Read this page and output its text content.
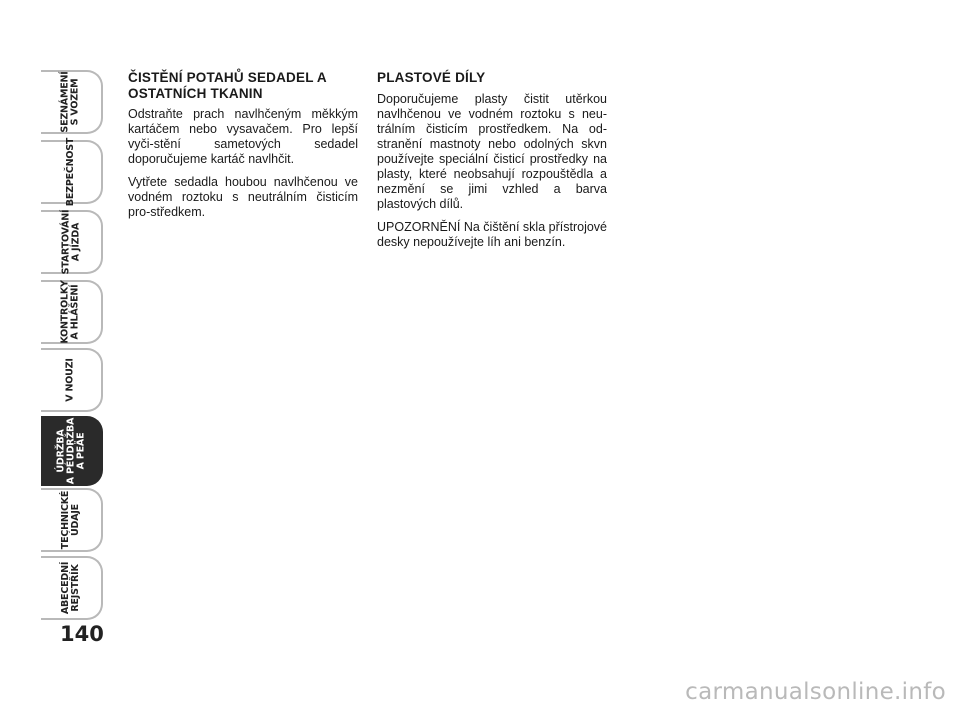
SEZNÁMENÍ
S VOZEM
BEZPEČNOST
STARTOVÁNÍ
A JÍZDA
KONTROLKY
A HLÁŠENÍ
V NOUZI
ÚDRŽBA
A PÉUDRŽBA
A PEÄE
TECHNICKÉ
ÚDAJE
ABECEDNÍ
REJSTŘÍK
140

ČISTĚNÍ POTAHŮ SEDADEL A OSTATNÍCH TKANIN

Odstraňte prach navlhčeným měkkým kartáčem nebo vysavačem. Pro lepší vyči-stění sametových sedadel doporučujeme kartáč navlhčit.

Vytřete sedadla houbou navlhčenou ve vodném roztoku s neutrálním čisticím pro-středkem.

PLASTOVÉ DÍLY

Doporučujeme plasty čistit utěrkou navlhčenou ve vodném roztoku s neu-trálním čisticím prostředkem. Na od-stranění mastnoty nebo odolných skvn používejte speciální čisticí prostředky na plasty, které neobsahují rozpouštědla a nezmění se jimi vzhled a barva plastových dílů.

UPOZORNĚNÍ Na čištění skla přístrojové desky nepoužívejte líh ani benzín.

carmanualsonline.info
